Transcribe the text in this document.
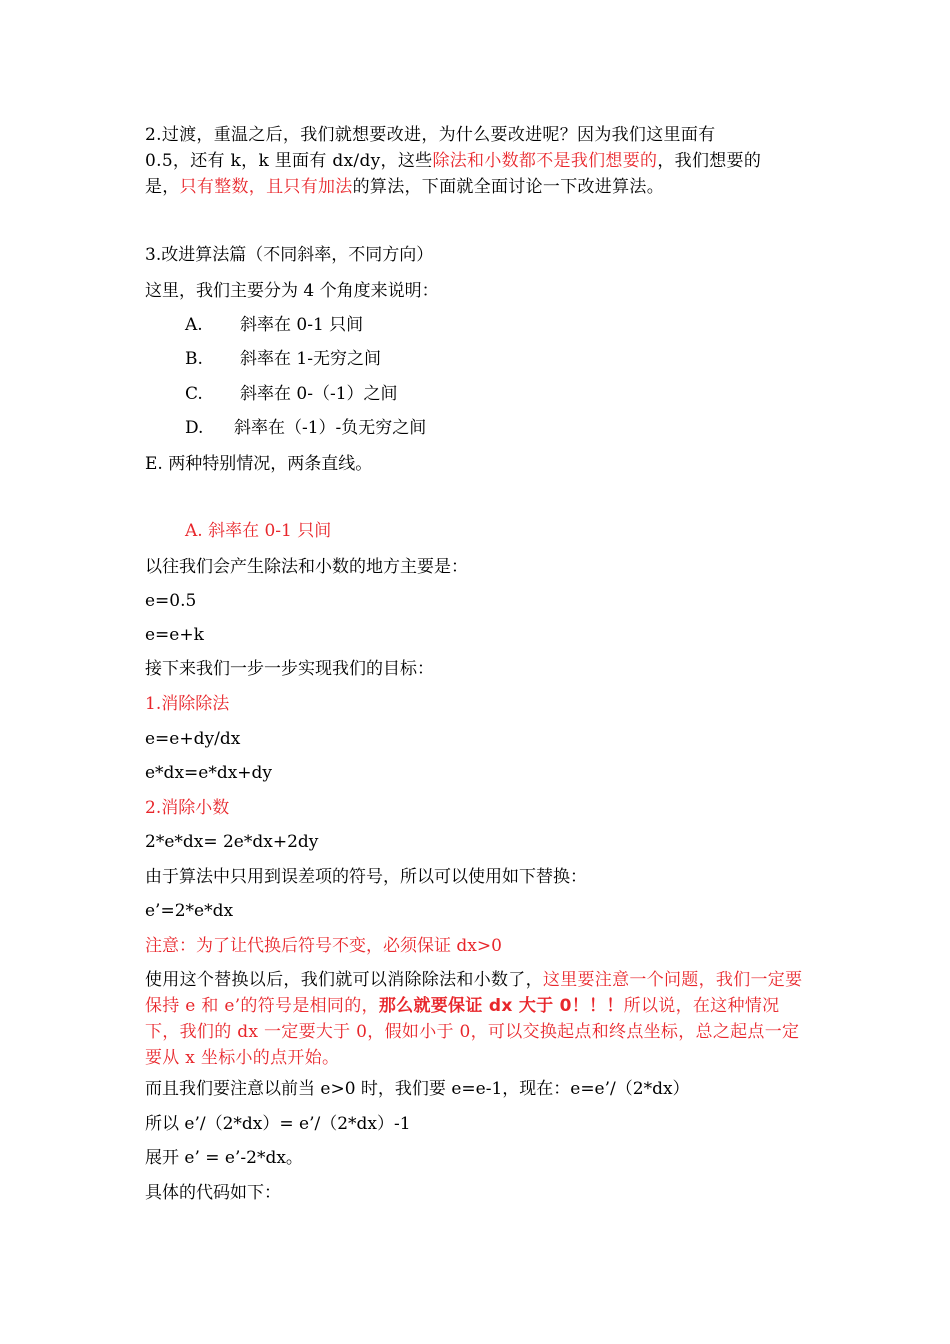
2.过渡，重温之后，我们就想要改进，为什么要改进呢？因为我们这里面有
0.5，还有 k，k 里面有 dx/dy，这些除法和小数都不是我们想要的，我们想要的
是，只有整数，且只有加法的算法，下面就全面讨论一下改进算法。
3.改进算法篇（不同斜率，不同方向）
这里，我们主要分为 4 个角度来说明：
A. 斜率在 0-1 只间
B. 斜率在 1-无穷之间
C. 斜率在 0-（-1）之间
D. 斜率在（-1）-负无穷之间
E. 两种特别情况，两条直线。
A. 斜率在 0-1 只间
以往我们会产生除法和小数的地方主要是：
e=0.5
e=e+k
接下来我们一步一步实现我们的目标：
1.消除除法
e=e+dy/dx
e*dx=e*dx+dy
2.消除小数
2*e*dx= 2e*dx+2dy
由于算法中只用到误差项的符号，所以可以使用如下替换：
e’=2*e*dx
注意：为了让代换后符号不变，必须保证 dx>0
使用这个替换以后，我们就可以消除除法和小数了，这里要注意一个问题，我们一定要保持 e 和 e’的符号是相同的，那么就要保证 dx 大于 0！！！所以说，在这种情况下，我们的 dx 一定要大于 0，假如小于 0，可以交换起点和终点坐标，总之起点一定要从 x 坐标小的点开始。
而且我们要注意以前当 e>0 时，我们要 e=e-1，现在：e=e’/（2*dx）
所以 e’/（2*dx）= e’/（2*dx）-1
展开 e’ = e’-2*dx。
具体的代码如下：
